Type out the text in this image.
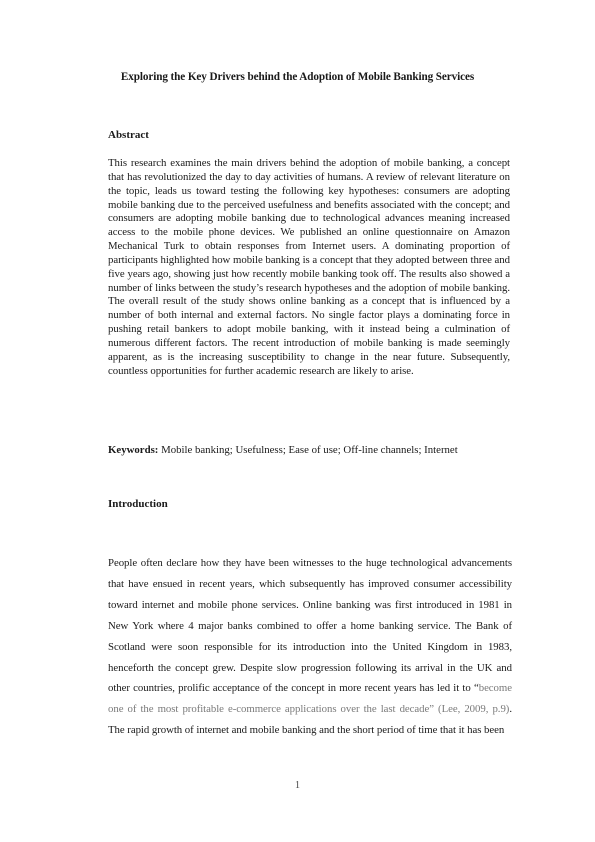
Exploring the Key Drivers behind the Adoption of Mobile Banking Services
Abstract
This research examines the main drivers behind the adoption of mobile banking, a concept that has revolutionized the day to day activities of humans. A review of relevant literature on the topic, leads us toward testing the following key hypotheses: consumers are adopting mobile banking due to the perceived usefulness and benefits associated with the concept; and consumers are adopting mobile banking due to technological advances meaning increased access to the mobile phone devices. We published an online questionnaire on Amazon Mechanical Turk to obtain responses from Internet users. A dominating proportion of participants highlighted how mobile banking is a concept that they adopted between three and five years ago, showing just how recently mobile banking took off. The results also showed a number of links between the study’s research hypotheses and the adoption of mobile banking. The overall result of the study shows online banking as a concept that is influenced by a number of both internal and external factors. No single factor plays a dominating force in pushing retail bankers to adopt mobile banking, with it instead being a culmination of numerous different factors. The recent introduction of mobile banking is made seemingly apparent, as is the increasing susceptibility to change in the near future. Subsequently, countless opportunities for further academic research are likely to arise.
Keywords: Mobile banking; Usefulness; Ease of use; Off-line channels; Internet
Introduction
People often declare how they have been witnesses to the huge technological advancements that have ensued in recent years, which subsequently has improved consumer accessibility toward internet and mobile phone services. Online banking was first introduced in 1981 in New York where 4 major banks combined to offer a home banking service. The Bank of Scotland were soon responsible for its introduction into the United Kingdom in 1983, henceforth the concept grew. Despite slow progression following its arrival in the UK and other countries, prolific acceptance of the concept in more recent years has led it to “become one of the most profitable e-commerce applications over the last decade” (Lee, 2009, p.9). The rapid growth of internet and mobile banking and the short period of time that it has been
1
